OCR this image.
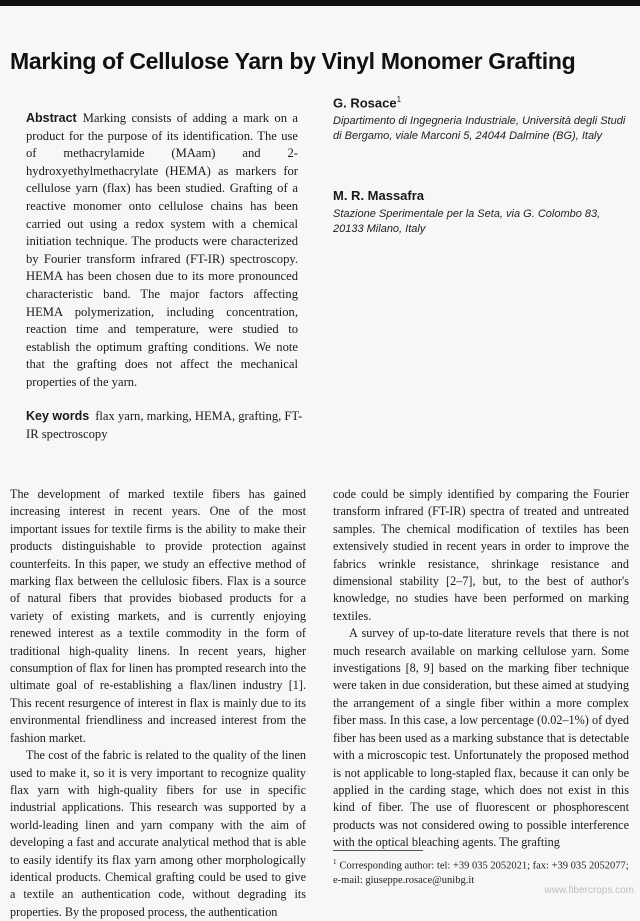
Marking of Cellulose Yarn by Vinyl Monomer Grafting
Abstract Marking consists of adding a mark on a product for the purpose of its identification. The use of methacrylamide (MAam) and 2-hydroxyethylmethacrylate (HEMA) as markers for cellulose yarn (flax) has been studied. Grafting of a reactive monomer onto cellulose chains has been carried out using a redox system with a chemical initiation technique. The products were characterized by Fourier transform infrared (FT-IR) spectroscopy. HEMA has been chosen due to its more pronounced characteristic band. The major factors affecting HEMA polymerization, including concentration, reaction time and temperature, were studied to establish the optimum grafting conditions. We note that the grafting does not affect the mechanical properties of the yarn.
Key words flax yarn, marking, HEMA, grafting, FT-IR spectroscopy
G. Rosace$^1$
Dipartimento di Ingegneria Industriale, Università degli Studi di Bergamo, viale Marconi 5, 24044 Dalmine (BG), Italy
M. R. Massafra
Stazione Sperimentale per la Seta, via G. Colombo 83, 20133 Milano, Italy

The development of marked textile fibers has gained increasing interest in recent years. One of the most important issues for textile firms is the ability to make their products distinguishable to provide protection against counterfeits. In this paper, we study an effective method of marking flax between the cellulosic fibers. Flax is a source of natural fibers that provides biobased products for a variety of existing markets, and is currently enjoying renewed interest as a textile commodity in the form of traditional high-quality linens. In recent years, higher consumption of flax for linen has prompted research into the ultimate goal of re-establishing a flax/linen industry [1]. This recent resurgence of interest in flax is mainly due to its environmental friendliness and increased interest from the fashion market.

The cost of the fabric is related to the quality of the linen used to make it, so it is very important to recognize quality flax yarn with high-quality fibers for use in specific industrial applications. This research was supported by a world-leading linen and yarn company with the aim of developing a fast and accurate analytical method that is able to easily identify its flax yarn among other morphologically identical products. Chemical grafting could be used to give a textile an authentication code, without degrading its properties. By the proposed process, the authentication

code could be simply identified by comparing the Fourier transform infrared (FT-IR) spectra of treated and untreated samples. The chemical modification of textiles has been extensively studied in recent years in order to improve the fabrics wrinkle resistance, shrinkage resistance and dimensional stability [2–7], but, to the best of author's knowledge, no studies have been performed on marking textiles.

A survey of up-to-date literature revels that there is not much research available on marking cellulose yarn. Some investigations [8, 9] based on the marking fiber technique were taken in due consideration, but these aimed at studying the arrangement of a single fiber within a more complex fiber mass. In this case, a low percentage (0.02–1%) of dyed fiber has been used as a marking substance that is detectable with a microscopic test. Unfortunately the proposed method is not applicable to long-stapled flax, because it can only be applied in the carding stage, which does not exist in this kind of fiber. The use of fluorescent or phosphorescent products was not considered owing to possible interference with the optical bleaching agents. The grafting

$^1$ Corresponding author: tel: +39 035 2052021; fax: +39 035 2052077; e-mail: giuseppe.rosace@unibg.it
www.fibercrops.com
